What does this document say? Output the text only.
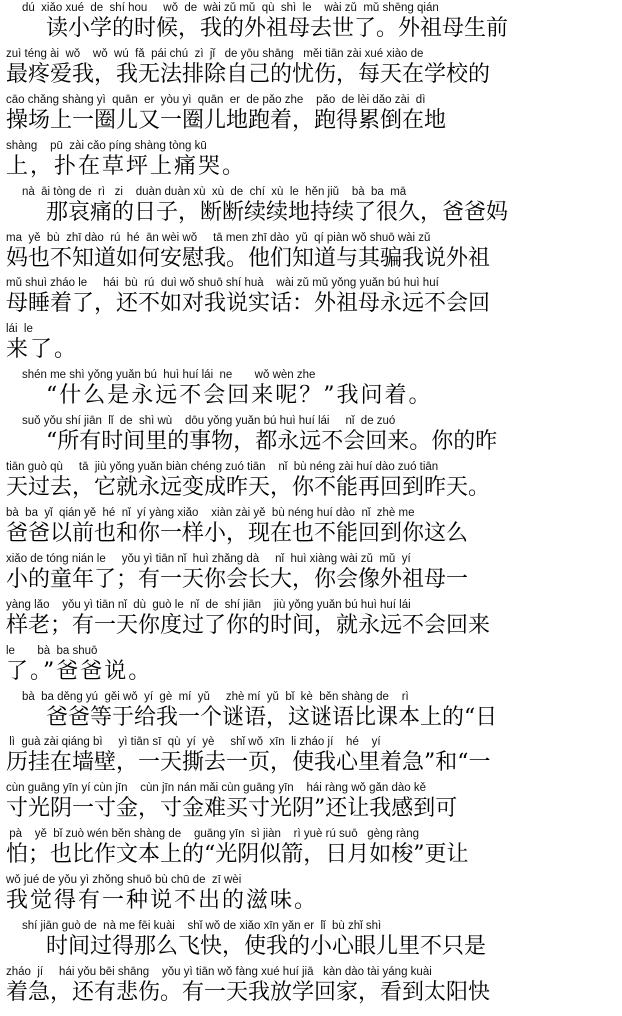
dú  xiǎo xué  de  shí hou     wǒ  de  wài zǔ mǔ  qù  shì  le    wài zǔ  mǔ shēng qián
读小学的时候，我的外祖母去世了。外祖母生前
zuì téng ài  wǒ    wǒ  wú  fǎ  pái chú  zì  jǐ   de yōu shāng   měi tiān zài xué xiào de
最疼爱我，我无法排除自己的忧伤，每天在学校的
cāo chǎng shàng yì  quān  er  yòu yì  quān  er  de pǎo zhe    pǎo  de lèi dǎo zài  dì
操场上一圈儿又一圈儿地跑着，跑得累倒在地
shàng    pū  zài cǎo píng shàng tòng kū
上，扑在草坪上痛哭。
nà  āi tòng de  rì   zi    duàn duàn xù  xù  de  chí  xù  le  hěn jiǔ    bà  ba  mā
那哀痛的日子，断断续续地持续了很久，爸爸妈
ma  yě  bù  zhī dào  rú  hé  ān wèi wǒ     tā men zhī dào  yǔ  qí piàn wǒ shuō wài zǔ
妈也不知道如何安慰我。他们知道与其骗我说外祖
mǔ shuì zháo le     hái  bù  rú  duì wǒ shuō shí huà    wài zǔ mǔ yǒng yuǎn bú huì huí
母睡着了，还不如对我说实话：外祖母永远不会回
lái  le
来了。
shén me shì yǒng yuǎn bú  huì huí lái  ne       wǒ wèn zhe
“什么是永远不会回来呢？”我问着。
suǒ yǒu shí jiān  lǐ  de  shì wù    dōu yǒng yuǎn bú huì huí lái     nǐ  de zuó
“所有时间里的事物，都永远不会回来。你的昨
tiān guò qù     tā  jiù yǒng yuǎn biàn chéng zuó tiān    nǐ  bù néng zài huí dào zuó tiān
天过去，它就永远变成昨天，你不能再回到昨天。
bà  ba  yǐ  qián yě  hé  nǐ  yí yàng xiǎo    xiàn zài yě  bù néng huí dào  nǐ  zhè me
爸爸以前也和你一样小，现在也不能回到你这么
xiǎo de tóng nián le     yǒu yì tiān nǐ  huì zhǎng dà     nǐ  huì xiàng wài zǔ  mǔ  yí
小的童年了；有一天你会长大，你会像外祖母一
yàng lǎo    yǒu yì tiān nǐ  dù  guò le  nǐ  de  shí jiān    jiù yǒng yuǎn bú huì huí lái
样老；有一天你度过了你的时间，就永远不会回来
le       bà  ba shuō
了。”爸爸说。
bà  ba děng yú  gěi wǒ  yí  gè  mí  yǔ     zhè mí  yǔ  bǐ  kè  běn shàng de    rì
爸爸等于给我一个谜语，这谜语比课本上的“日
lì  guà zài qiáng bì     yì tiān sī  qù  yí  yè     shǐ wǒ  xīn  li zháo jí    hé    yí
历挂在墙壁，一天撕去一页，使我心里着急”和“一
cùn guāng yīn yí cùn jīn    cùn jīn nán mǎi cùn guāng yīn    hái ràng wǒ gǎn dào kě
寸光阴一寸金，寸金难买寸光阴”还让我感到可
pà    yě  bǐ zuò wén běn shàng de    guāng yīn  sì jiàn    rì yuè rú suō   gèng ràng
怕；也比作文本上的“光阴似箭，日月如梭”更让
wǒ jué de yǒu yì zhǒng shuō bù chū de  zī wèi
我觉得有一种说不出的滋味。
shí jiān guò de  nà me fēi kuài    shǐ wǒ de xiǎo xīn yǎn er  lǐ  bù zhǐ shì
时间过得那么飞快，使我的小心眼儿里不只是
zháo  jí     hái yǒu bēi shāng    yǒu yì tiān wǒ fàng xué huí jiā   kàn dào tài yáng kuài
着急，还有悲伤。有一天我放学回家，看到太阳快
